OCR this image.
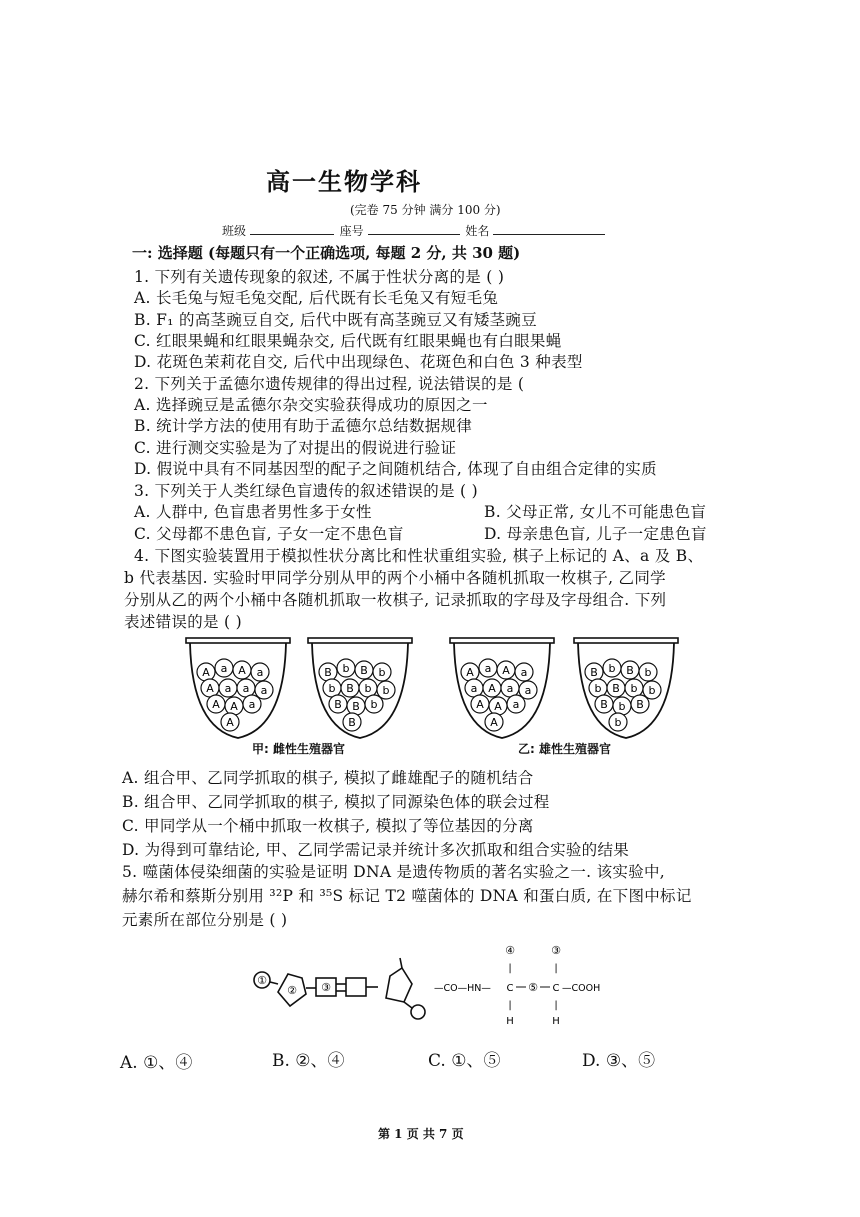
高一生物学科
(完卷 75 分钟 满分 100 分)
班级	座号	姓名
一: 选择题 (每题只有一个正确选项, 每题 2 分, 共 30 题)
1. 下列有关遗传现象的叙述, 不属于性状分离的是 ( )
A. 长毛兔与短毛兔交配, 后代既有长毛兔又有短毛兔
B. F₁ 的高茎豌豆自交, 后代中既有高茎豌豆又有矮茎豌豆
C. 红眼果蝇和红眼果蝇杂交, 后代既有红眼果蝇也有白眼果蝇
D. 花斑色茉莉花自交, 后代中出现绿色、花斑色和白色 3 种表型
2. 下列关于孟德尔遗传规律的得出过程, 说法错误的是 (
A. 选择豌豆是孟德尔杂交实验获得成功的原因之一
B. 统计学方法的使用有助于孟德尔总结数据规律
C. 进行测交实验是为了对提出的假说进行验证
D. 假说中具有不同基因型的配子之间随机结合, 体现了自由组合定律的实质
3. 下列关于人类红绿色盲遗传的叙述错误的是 ( )
A. 人群中, 色盲患者男性多于女性	B. 父母正常, 女儿不可能患色盲
C. 父母都不患色盲, 子女一定不患色盲	D. 母亲患色盲, 儿子一定患色盲
4. 下图实验装置用于模拟性状分离比和性状重组实验, 棋子上标记的 A、a 及 B、
b 代表基因. 实验时甲同学分别从甲的两个小桶中各随机抓取一枚棋子, 乙同学
分别从乙的两个小桶中各随机抓取一枚棋子, 记录抓取的字母及字母组合. 下列
表述错误的是 ( )
A a A a
A a a a
A A a
A
B b B b
b B b b
B B b
B
A a A a
a A a a
A A a
A
B b B b
b B b b
B b B
b
甲: 雌性生殖器官	乙: 雄性生殖器官
A. 组合甲、乙同学抓取的棋子, 模拟了雌雄配子的随机结合
B. 组合甲、乙同学抓取的棋子, 模拟了同源染色体的联会过程
C. 甲同学从一个桶中抓取一枚棋子, 模拟了等位基因的分离
D. 为得到可靠结论, 甲、乙同学需记录并统计多次抓取和组合实验的结果
5. 噬菌体侵染细菌的实验是证明 DNA 是遗传物质的著名实验之一. 该实验中,
赫尔希和蔡斯分别用 ³²P 和 ³⁵S 标记 T2 噬菌体的 DNA 和蛋白质, 在下图中标记
元素所在部位分别是 ( )
①
② ③	—CO—HN— C
④
|
|
H
⑤ C
③
|
|
H
—COOH
A. ①、④	B. ②、④	C. ①、⑤	D. ③、⑤
第 1 页 共 7 页
